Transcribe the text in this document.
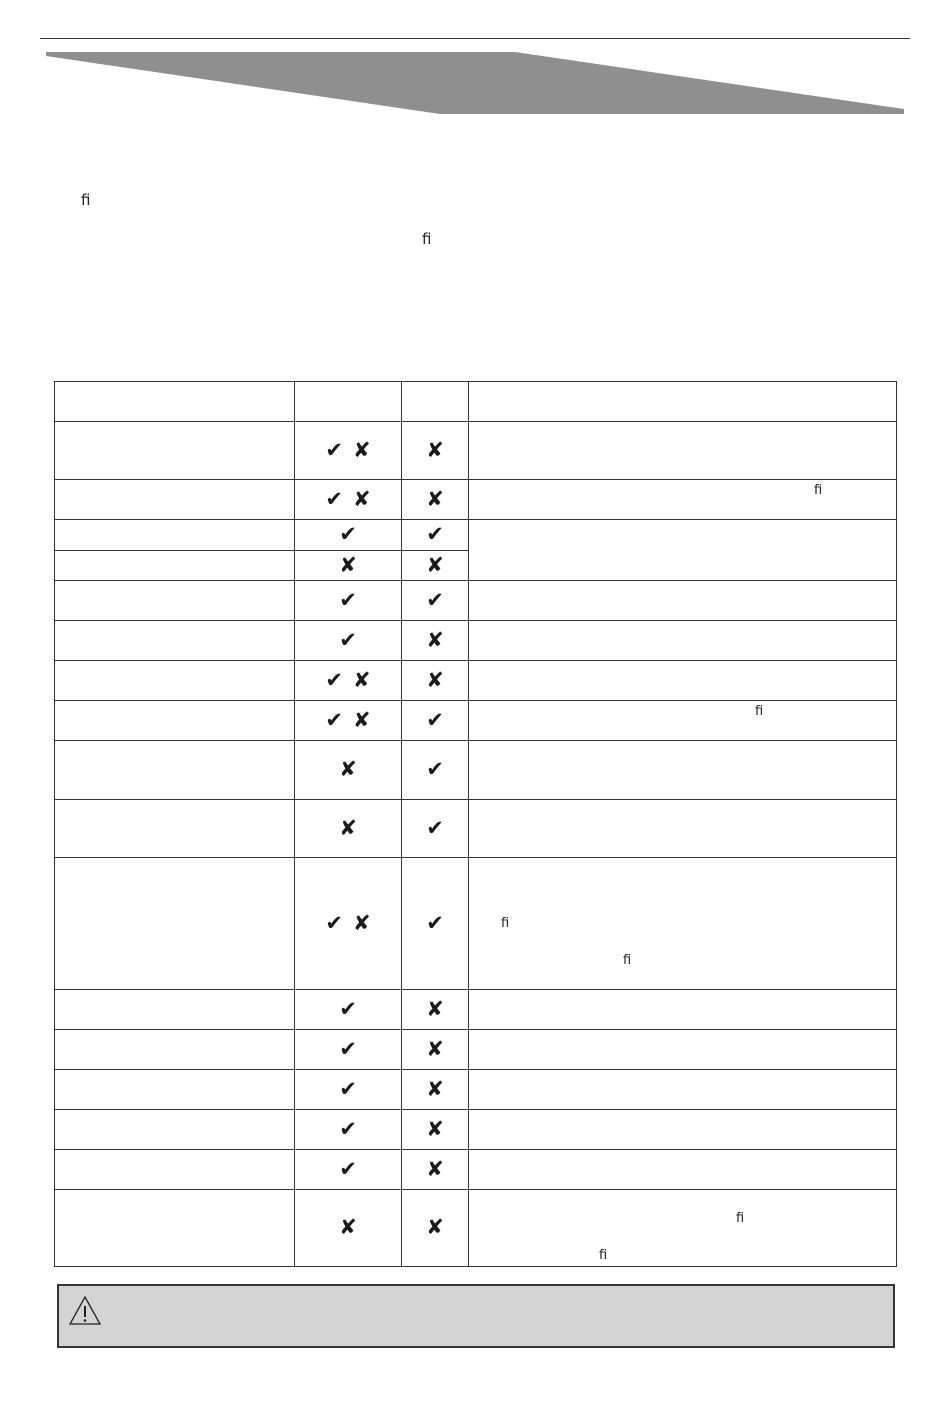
ﬁ
ﬁ

	✔ ✘	✘	
	✔ ✘	✘	ﬁ

	✔	✔	
	✘	✘	
	✔	✔	
	✔	✘	
	✔ ✘	✘	
	✔ ✘	✔	ﬁ

	✘	✔	
	✘	✔	
	✔ ✘	✔	ﬁ
ﬁ

	✔	✘	
	✔	✘	
	✔	✘	
	✔	✘	
	✔	✘	
	✘	✘	ﬁ
ﬁ
